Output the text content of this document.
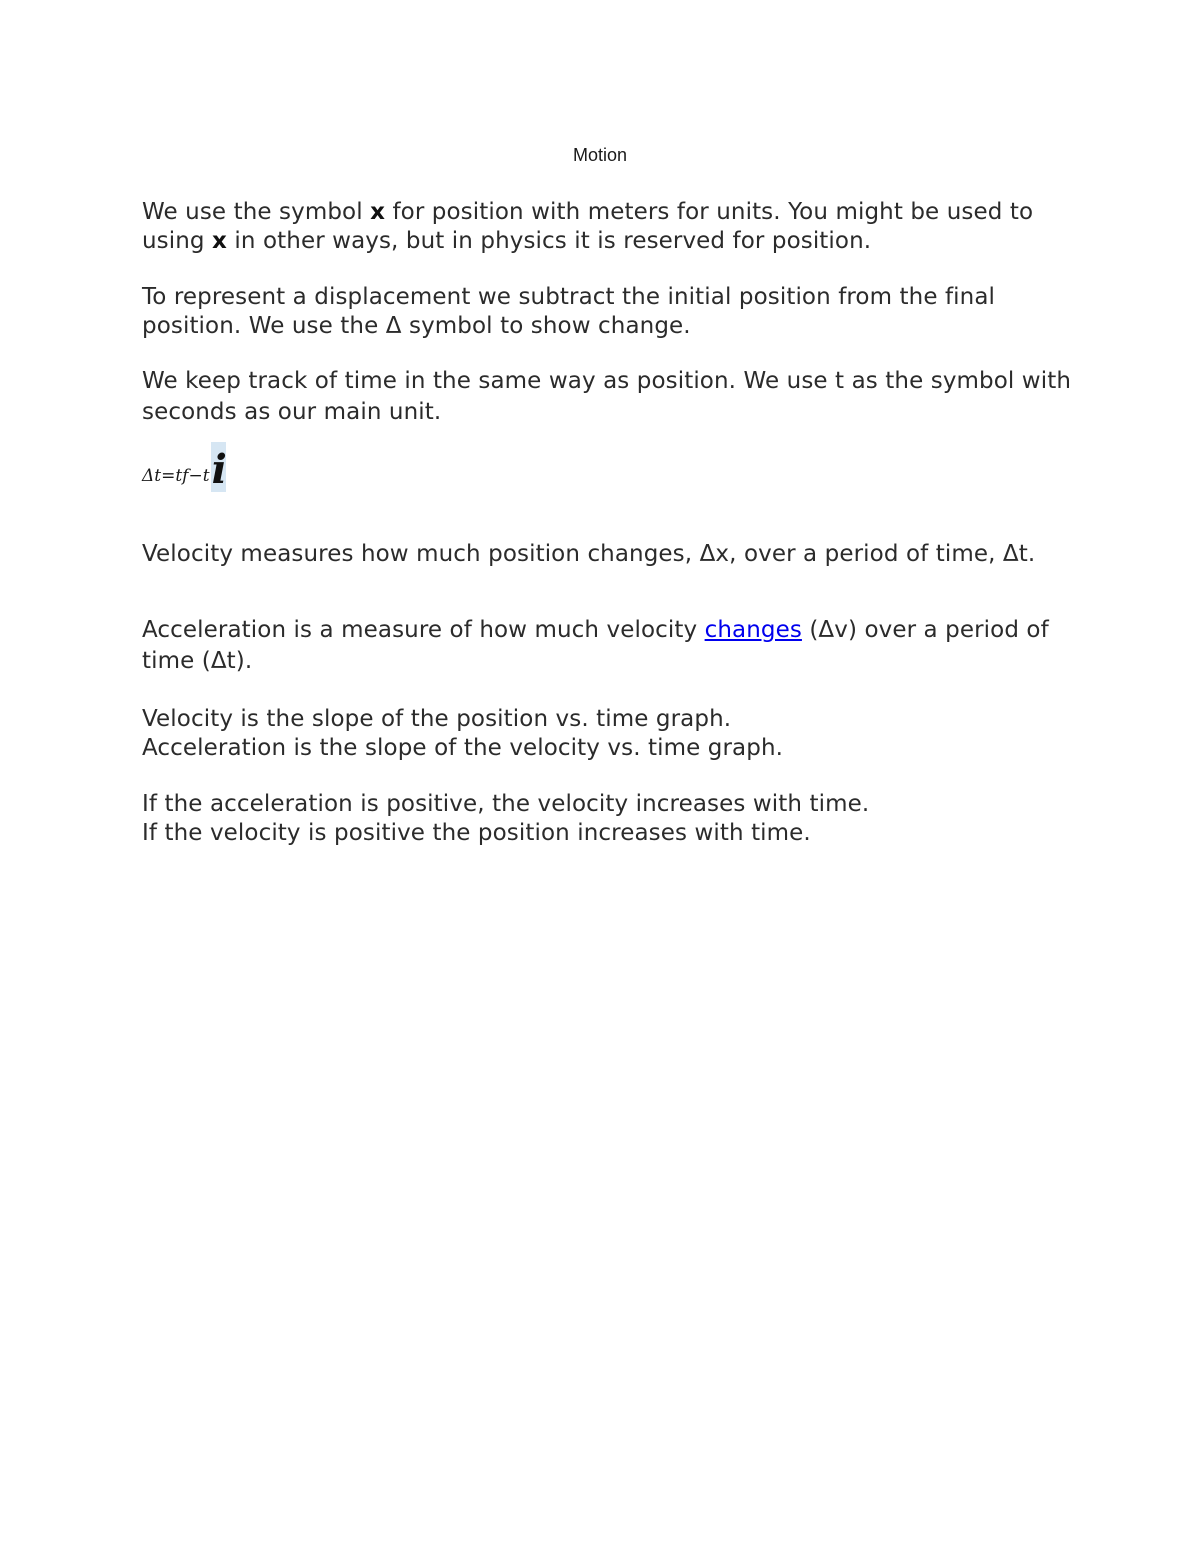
Motion

We use the symbol x for position with meters for units. You might be used to using x in other ways, but in physics it is reserved for position.

To represent a displacement we subtract the initial position from the final position. We use the Δ symbol to show change.

We keep track of time in the same way as position. We use t as the symbol with seconds as our main unit.

Δt=tf−t i

Velocity measures how much position changes, Δx, over a period of time, Δt.

Acceleration is a measure of how much velocity changes (Δv) over a period of time (Δt).

Velocity is the slope of the position vs. time graph.
Acceleration is the slope of the velocity vs. time graph.

If the acceleration is positive, the velocity increases with time.
If the velocity is positive the position increases with time.
